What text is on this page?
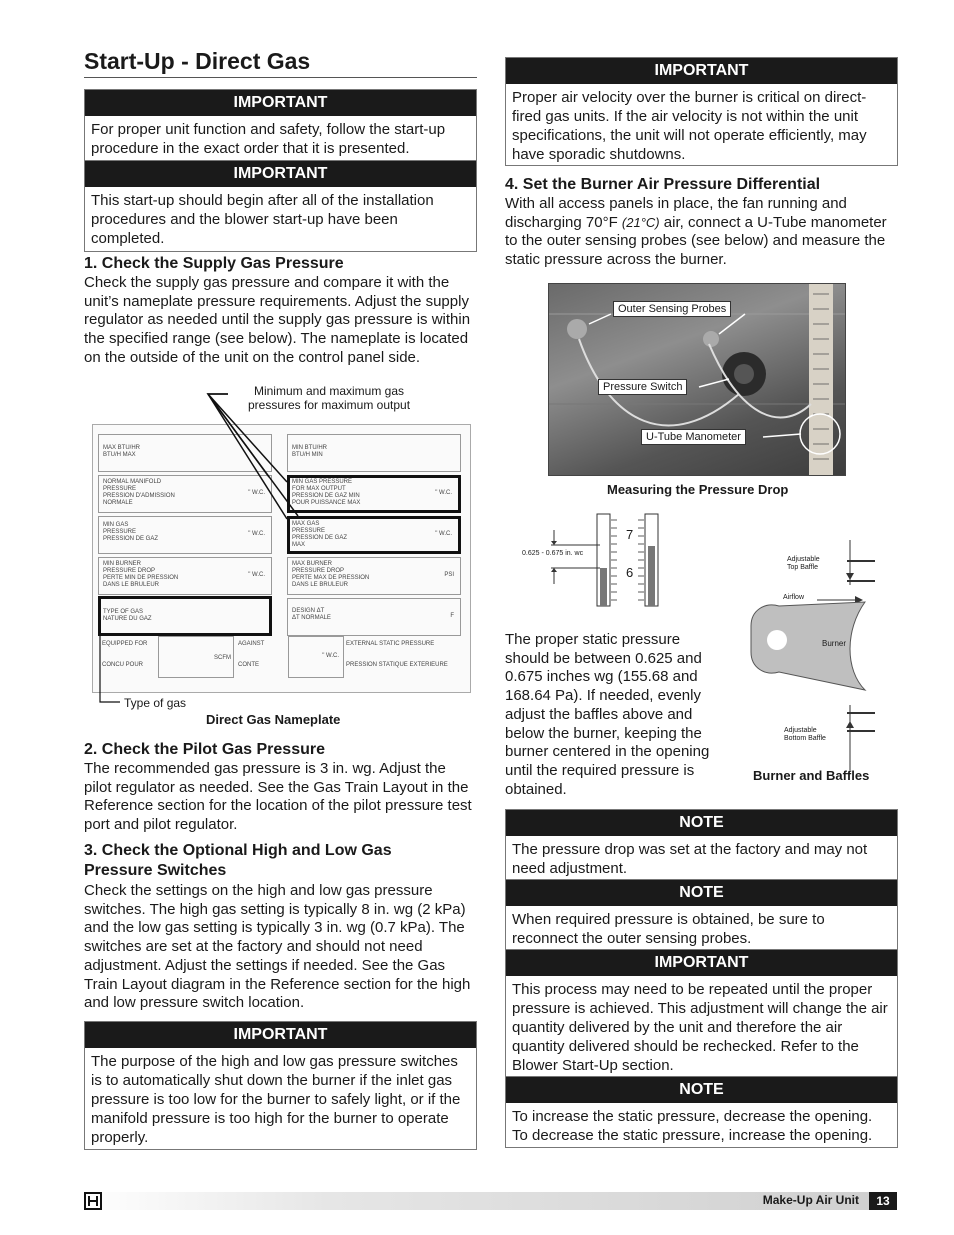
Start-Up - Direct Gas
IMPORTANT
For proper unit function and safety, follow the start-up procedure in the exact order that it is presented.
IMPORTANT
This start-up should begin after all of the installation procedures and the blower start-up have been completed.
1. Check the Supply Gas Pressure
Check the supply gas pressure and compare it with the unit’s nameplate pressure requirements. Adjust the supply regulator as needed until the supply gas pressure is within the specified range (see below). The nameplate is located on the outside of the unit on the control panel side.
Minimum and maximum gas pressures for maximum output
MAX BTU/HR
BTU/H MAX
MIN BTU/HR
BTU/H MIN
NORMAL MANIFOLD
PRESSURE
PRESSION D'ADMISSION
NORMALE
" W.C.
MIN GAS PRESSURE
FOR MAX OUTPUT
PRESSION DE GAZ MIN
POUR PUISSANCE MAX
" W.C.
MIN GAS
PRESSURE
PRESSION DE GAZ
" W.C.
MAX GAS
PRESSURE
PRESSION DE GAZ
MAX
" W.C.
MIN BURNER
PRESSURE DROP
PERTE MIN DE PRESSION
DANS LE BRULEUR
" W.C.
MAX BURNER
PRESSURE DROP
PERTE MAX DE PRESSION
DANS LE BRULEUR
PSI
TYPE OF GAS
NATURE DU GAZ
DESIGN ΔT
ΔT NORMALE	F
EQUIPPED FOR
CONCU POUR
SCFM
AGAINST
CONTE
" W.C.
EXTERNAL STATIC PRESSURE
PRESSION STATIQUE EXTERIEURE
Type of gas
Direct Gas Nameplate
2. Check the Pilot Gas Pressure
The recommended gas pressure is 3 in. wg. Adjust the pilot regulator as needed. See the Gas Train Layout in the Reference section for the location of the pilot pressure test port and pilot regulator.
3. Check the Optional High and Low Gas Pressure Switches
Check the settings on the high and low gas pressure switches. The high gas setting is typically 8 in. wg (2 kPa) and the low gas setting is typically 3 in. wg (0.7 kPa). The switches are set at the factory and should not need adjustment. Adjust the settings if needed. See the Gas Train Layout diagram in the Reference section for the high and low pressure switch location.
IMPORTANT
The purpose of the high and low gas pressure switches is to automatically shut down the burner if the inlet gas pressure is too low for the burner to safely light, or if the manifold pressure is too high for the burner to operate properly.
IMPORTANT
Proper air velocity over the burner is critical on direct-fired gas units. If the air velocity is not within the unit specifications, the unit will not operate efficiently, may have sporadic shutdowns.
4. Set the Burner Air Pressure Differential
With all access panels in place, the fan running and discharging 70°F (21°C) air, connect a U-Tube manometer to the outer sensing probes (see below) and measure the static pressure across the burner.
Outer Sensing Probes
Pressure Switch
U-Tube Manometer
Measuring the Pressure Drop
0.625 - 0.675 in. wc
7
6
Adjustable
Top Baffle
Airflow
Burner
Adjustable
Bottom Baffle
Burner and Baffles
The proper static pressure should be between 0.625 and 0.675 inches wg (155.68 and 168.64 Pa). If needed, evenly adjust the baffles above and below the burner, keeping the burner centered in the opening until the required pressure is obtained.
NOTE
The pressure drop was set at the factory and may not need adjustment.
NOTE
When required pressure is obtained, be sure to reconnect the outer sensing probes.
IMPORTANT
This process may need to be repeated until the proper pressure is achieved. This adjustment will change the air quantity delivered by the unit and therefore the air quantity delivered should be rechecked. Refer to the Blower Start-Up section.
NOTE
To increase the static pressure, decrease the opening. To decrease the static pressure, increase the opening.
Make-Up Air Unit	13
